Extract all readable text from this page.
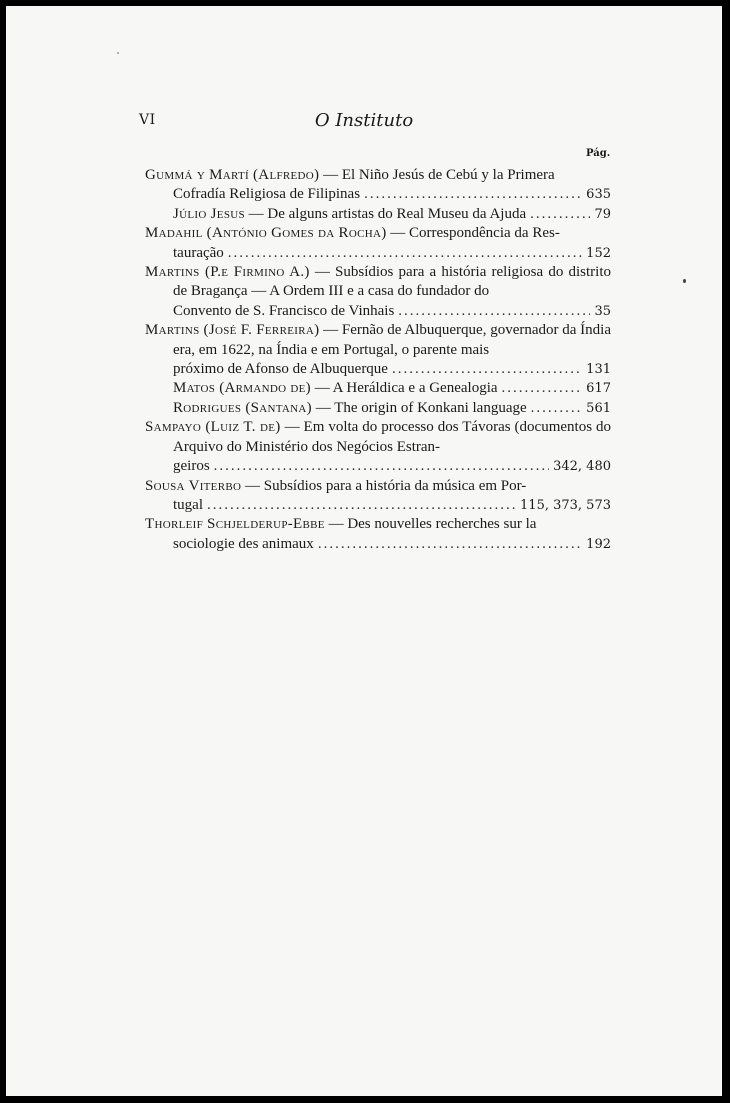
VI	O Instituto
Pág.
Gummá y Martí (Alfredo) — El Niño Jesús de Cebú y la Primera
Cofradía Religiosa de Filipinas .....	635
Júlio Jesus — De alguns artistas do Real Museu da Ajuda .....	79
Madahil (António Gomes da Rocha) — Correspondência da Res-
tauração .....	152
Martins (P.e Firmino A.) — Subsídios para a história religiosa do distrito de Bragança — A Ordem III e a casa do fundador do
Convento de S. Francisco de Vinhais .....	35
Martins (José F. Ferreira) — Fernão de Albuquerque, governador da Índia era, em 1622, na Índia e em Portugal, o parente mais
próximo de Afonso de Albuquerque .....	131
Matos (Armando de) — A Heráldica e a Genealogia .....	617
Rodrigues (Santana) — The origin of Konkani language .....	561
Sampayo (Luiz T. de) — Em volta do processo dos Távoras (documentos do Arquivo do Ministério dos Negócios Estran-
geiros .....	342, 480
Sousa Viterbo — Subsídios para a história da música em Por-
tugal .....	115, 373, 573
Thorleif Schjelderup-Ebbe — Des nouvelles recherches sur la
sociologie des animaux .....	192
